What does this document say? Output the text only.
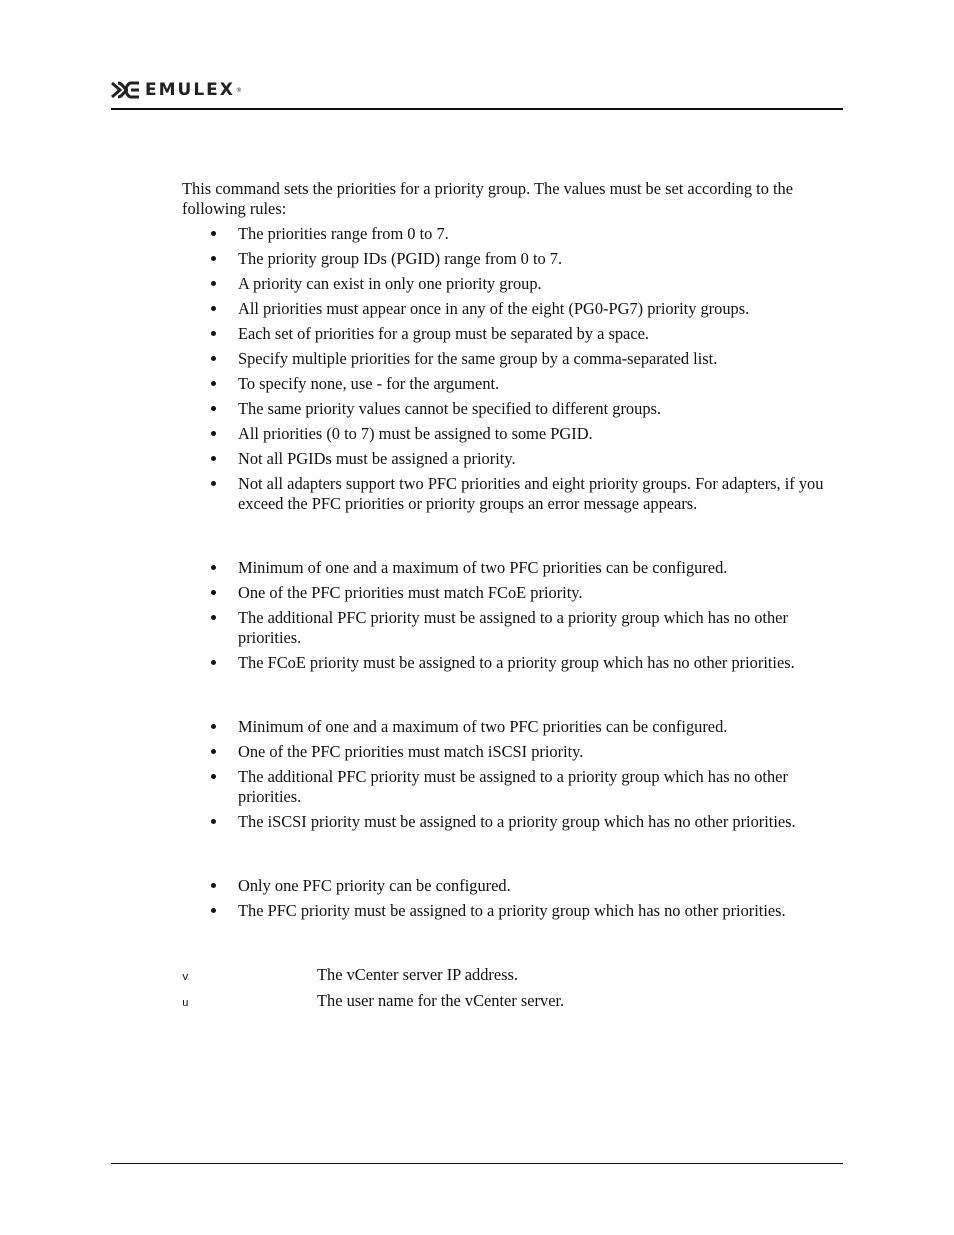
EMULEX ®

This command sets the priorities for a priority group. The values must be set according to the following rules:

The priorities range from 0 to 7.
The priority group IDs (PGID) range from 0 to 7.
A priority can exist in only one priority group.
All priorities must appear once in any of the eight (PG0-PG7) priority groups.
Each set of priorities for a group must be separated by a space.
Specify multiple priorities for the same group by a comma-separated list.
To specify none, use - for the argument.
The same priority values cannot be specified to different groups.
All priorities (0 to 7) must be assigned to some PGID.
Not all PGIDs must be assigned a priority.
Not all adapters support two PFC priorities and eight priority groups. For adapters, if you exceed the PFC priorities or priority groups an error message appears.
Minimum of one and a maximum of two PFC priorities can be configured.
One of the PFC priorities must match FCoE priority.
The additional PFC priority must be assigned to a priority group which has no other priorities.
The FCoE priority must be assigned to a priority group which has no other priorities.
Minimum of one and a maximum of two PFC priorities can be configured.
One of the PFC priorities must match iSCSI priority.
The additional PFC priority must be assigned to a priority group which has no other priorities.
The iSCSI priority must be assigned to a priority group which has no other priorities.
Only one PFC priority can be configured.
The PFC priority must be assigned to a priority group which has no other priorities.
v	The vCenter server IP address.
u	The user name for the vCenter server.
